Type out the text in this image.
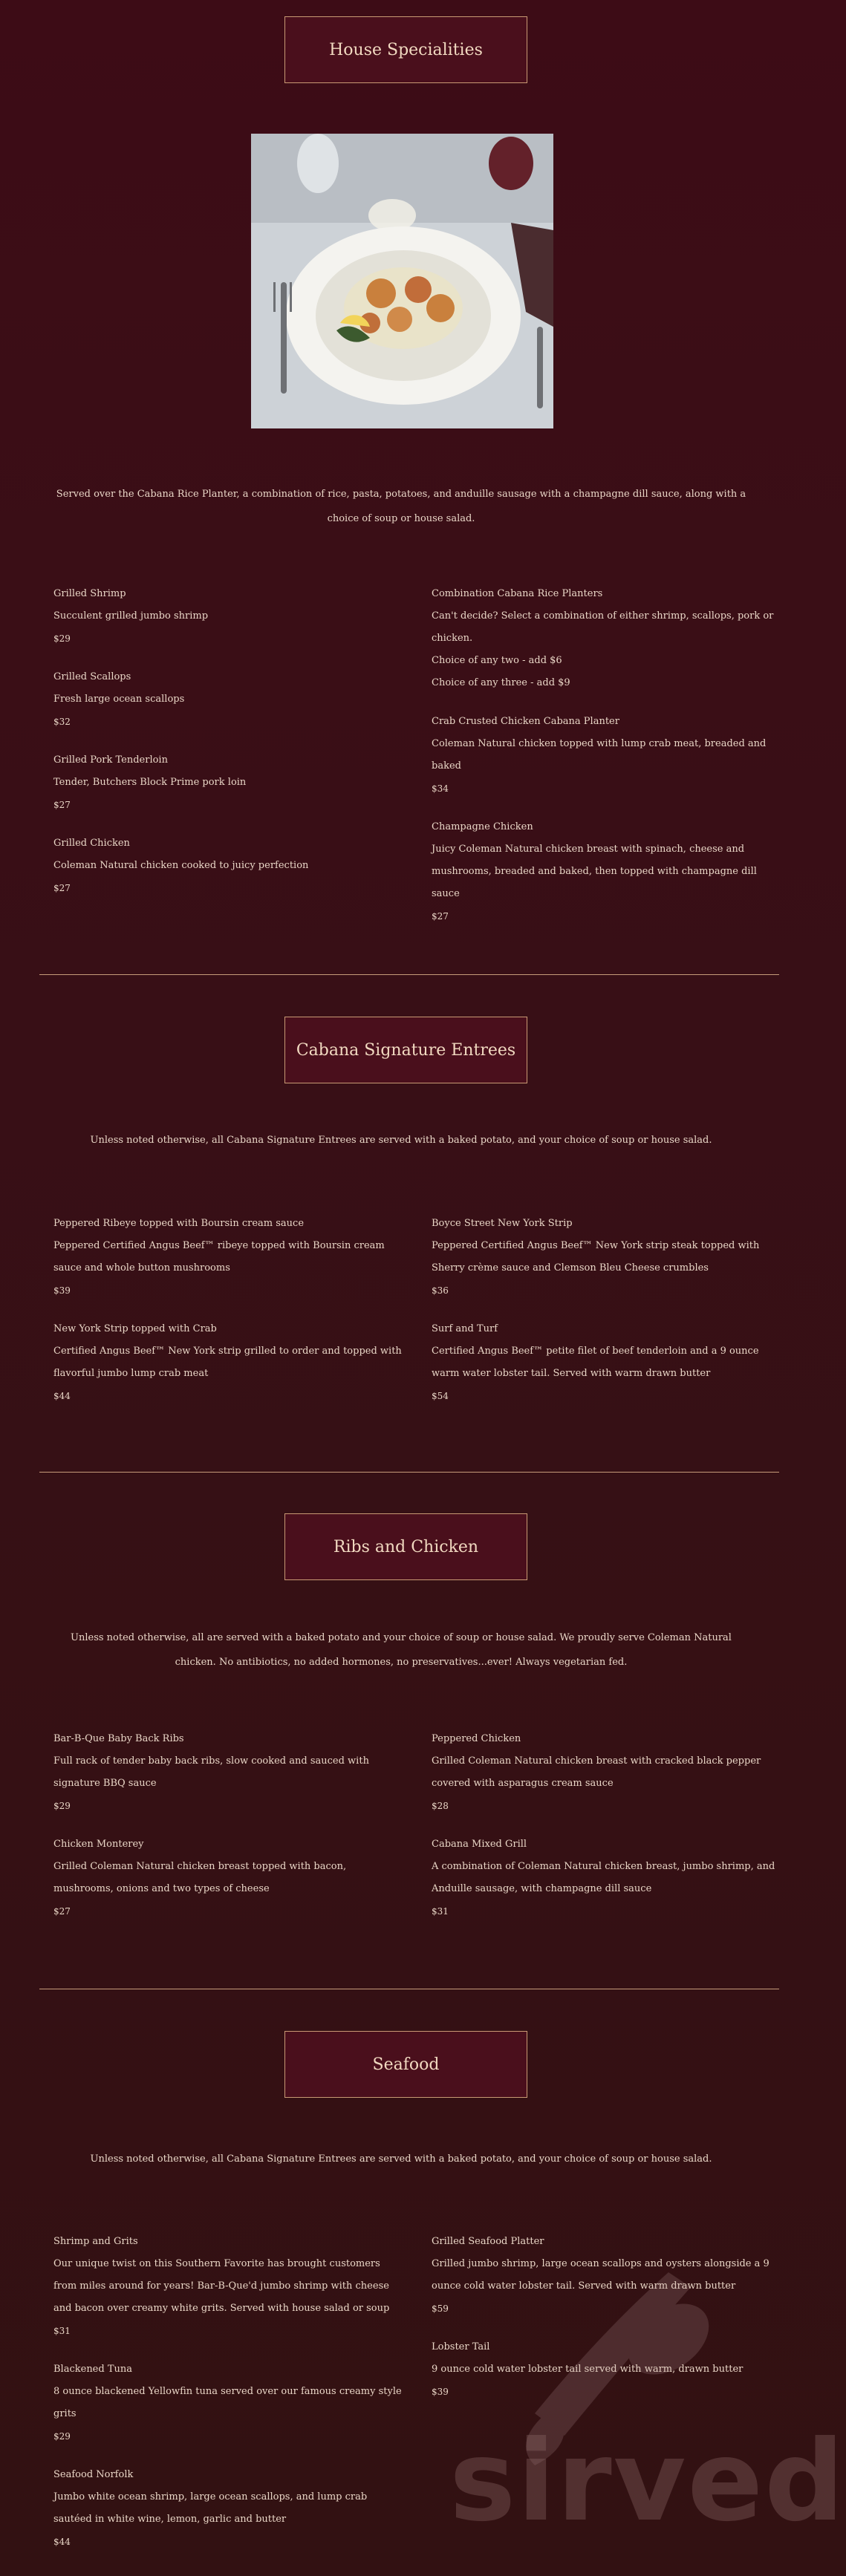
House Specialities
Served over the Cabana Rice Planter, a combination of rice, pasta, potatoes, and anduille sausage with a champagne dill sauce, along with a choice of soup or house salad.
Grilled Shrimp
Succulent grilled jumbo shrimp
$29
Grilled Scallops
Fresh large ocean scallops
$32
Grilled Pork Tenderloin
Tender, Butchers Block Prime pork loin
$27
Grilled Chicken
Coleman Natural chicken cooked to juicy perfection
$27
Combination Cabana Rice Planters
Can't decide? Select a combination of either shrimp, scallops, pork or chicken.
Choice of any two - add $6
Choice of any three - add $9
Crab Crusted Chicken Cabana Planter
Coleman Natural chicken topped with lump crab meat, breaded and baked
$34
Champagne Chicken
Juicy Coleman Natural chicken breast with spinach, cheese and mushrooms, breaded and baked, then topped with champagne dill sauce
$27
Cabana Signature Entrees
Unless noted otherwise, all Cabana Signature Entrees are served with a baked potato, and your choice of soup or house salad.
Peppered Ribeye topped with Boursin cream sauce
Peppered Certified Angus Beef™ ribeye topped with Boursin cream sauce and whole button mushrooms
$39
New York Strip topped with Crab
Certified Angus Beef™ New York strip grilled to order and topped with flavorful jumbo lump crab meat
$44
Boyce Street New York Strip
Peppered Certified Angus Beef™ New York strip steak topped with Sherry crème sauce and Clemson Bleu Cheese crumbles
$36
Surf and Turf
Certified Angus Beef™ petite filet of beef tenderloin and a 9 ounce warm water lobster tail. Served with warm drawn butter
$54
Ribs and Chicken
Unless noted otherwise, all are served with a baked potato and your choice of soup or house salad. We proudly serve Coleman Natural chicken. No antibiotics, no added hormones, no preservatives...ever! Always vegetarian fed.
Bar-B-Que Baby Back Ribs
Full rack of tender baby back ribs, slow cooked and sauced with signature BBQ sauce
$29
Chicken Monterey
Grilled Coleman Natural chicken breast topped with bacon, mushrooms, onions and two types of cheese
$27
Peppered Chicken
Grilled Coleman Natural chicken breast with cracked black pepper covered with asparagus cream sauce
$28
Cabana Mixed Grill
A combination of Coleman Natural chicken breast, jumbo shrimp, and Anduille sausage, with champagne dill sauce
$31
Seafood
Unless noted otherwise, all Cabana Signature Entrees are served with a baked potato, and your choice of soup or house salad.
Shrimp and Grits
Our unique twist on this Southern Favorite has brought customers from miles around for years! Bar-B-Que'd jumbo shrimp with cheese and bacon over creamy white grits. Served with house salad or soup
$31
Blackened Tuna
8 ounce blackened Yellowfin tuna served over our famous creamy style grits
$29
Seafood Norfolk
Jumbo white ocean shrimp, large ocean scallops, and lump crab sautéed in white wine, lemon, garlic and butter
$44
Grilled Seafood Platter
Grilled jumbo shrimp, large ocean scallops and oysters alongside a 9 ounce cold water lobster tail. Served with warm drawn butter
$59
Lobster Tail
9 ounce cold water lobster tail served with warm, drawn butter
$39
sirved
